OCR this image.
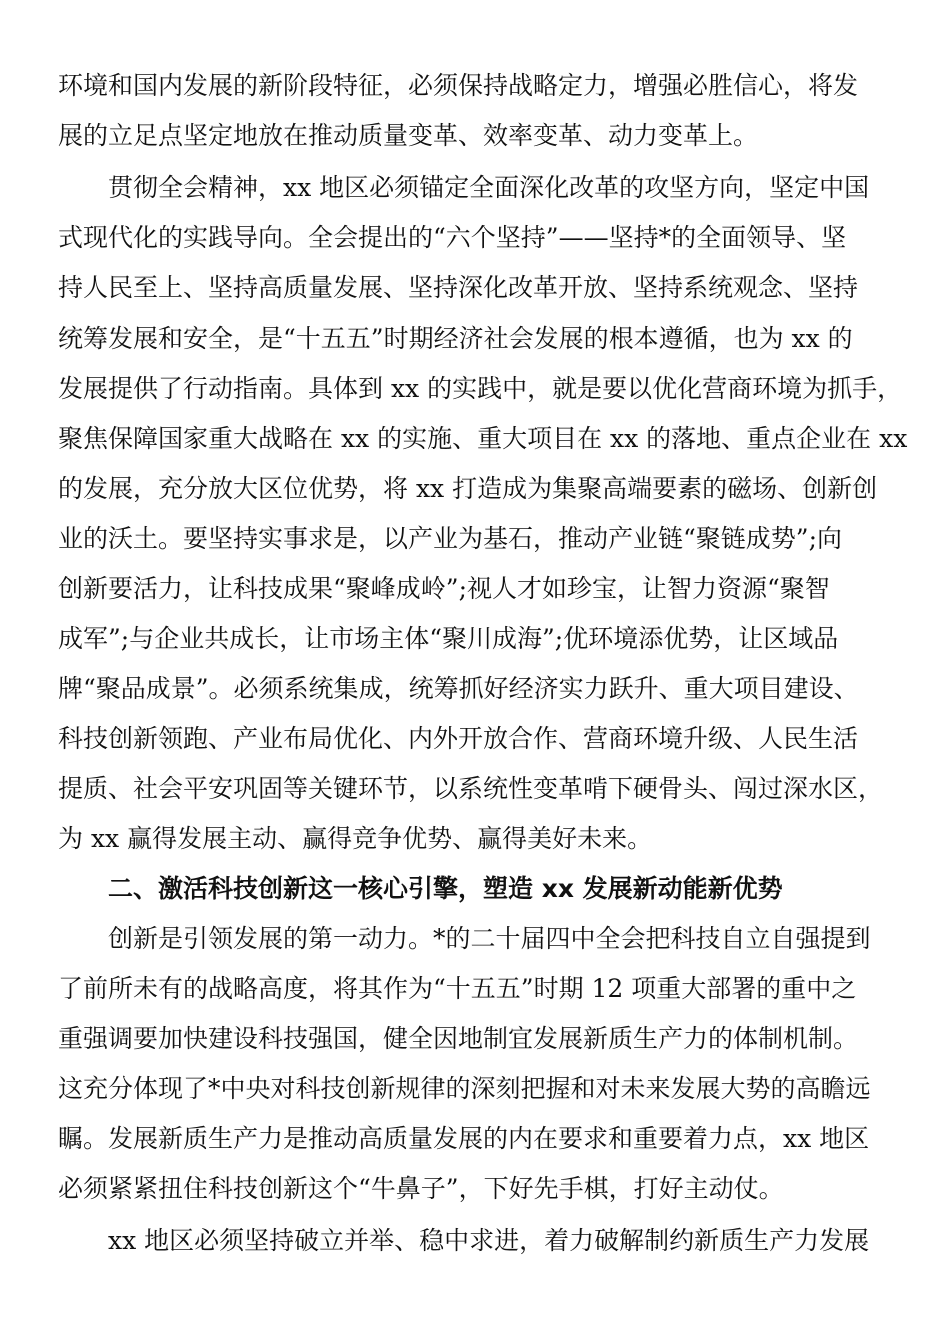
环境和国内发展的新阶段特征，必须保持战略定力，增强必胜信心，将发
展的立足点坚定地放在推动质量变革、效率变革、动力变革上。
贯彻全会精神，xx 地区必须锚定全面深化改革的攻坚方向，坚定中国
式现代化的实践导向。全会提出的“六个坚持”——坚持*的全面领导、坚
持人民至上、坚持高质量发展、坚持深化改革开放、坚持系统观念、坚持
统筹发展和安全，是“十五五”时期经济社会发展的根本遵循，也为 xx 的
发展提供了行动指南。具体到 xx 的实践中，就是要以优化营商环境为抓手，
聚焦保障国家重大战略在 xx 的实施、重大项目在 xx 的落地、重点企业在 xx
的发展，充分放大区位优势，将 xx 打造成为集聚高端要素的磁场、创新创
业的沃土。要坚持实事求是，以产业为基石，推动产业链“聚链成势”;向
创新要活力，让科技成果“聚峰成岭”;视人才如珍宝，让智力资源“聚智
成军”;与企业共成长，让市场主体“聚川成海”;优环境添优势，让区域品
牌“聚品成景”。必须系统集成，统筹抓好经济实力跃升、重大项目建设、
科技创新领跑、产业布局优化、内外开放合作、营商环境升级、人民生活
提质、社会平安巩固等关键环节，以系统性变革啃下硬骨头、闯过深水区，
为 xx 赢得发展主动、赢得竞争优势、赢得美好未来。
二、激活科技创新这一核心引擎，塑造 xx 发展新动能新优势
创新是引领发展的第一动力。*的二十届四中全会把科技自立自强提到
了前所未有的战略高度，将其作为“十五五”时期 12 项重大部署的重中之
重强调要加快建设科技强国，健全因地制宜发展新质生产力的体制机制。
这充分体现了*中央对科技创新规律的深刻把握和对未来发展大势的高瞻远
瞩。发展新质生产力是推动高质量发展的内在要求和重要着力点，xx 地区
必须紧紧扭住科技创新这个“牛鼻子”，下好先手棋，打好主动仗。
xx 地区必须坚持破立并举、稳中求进，着力破解制约新质生产力发展
